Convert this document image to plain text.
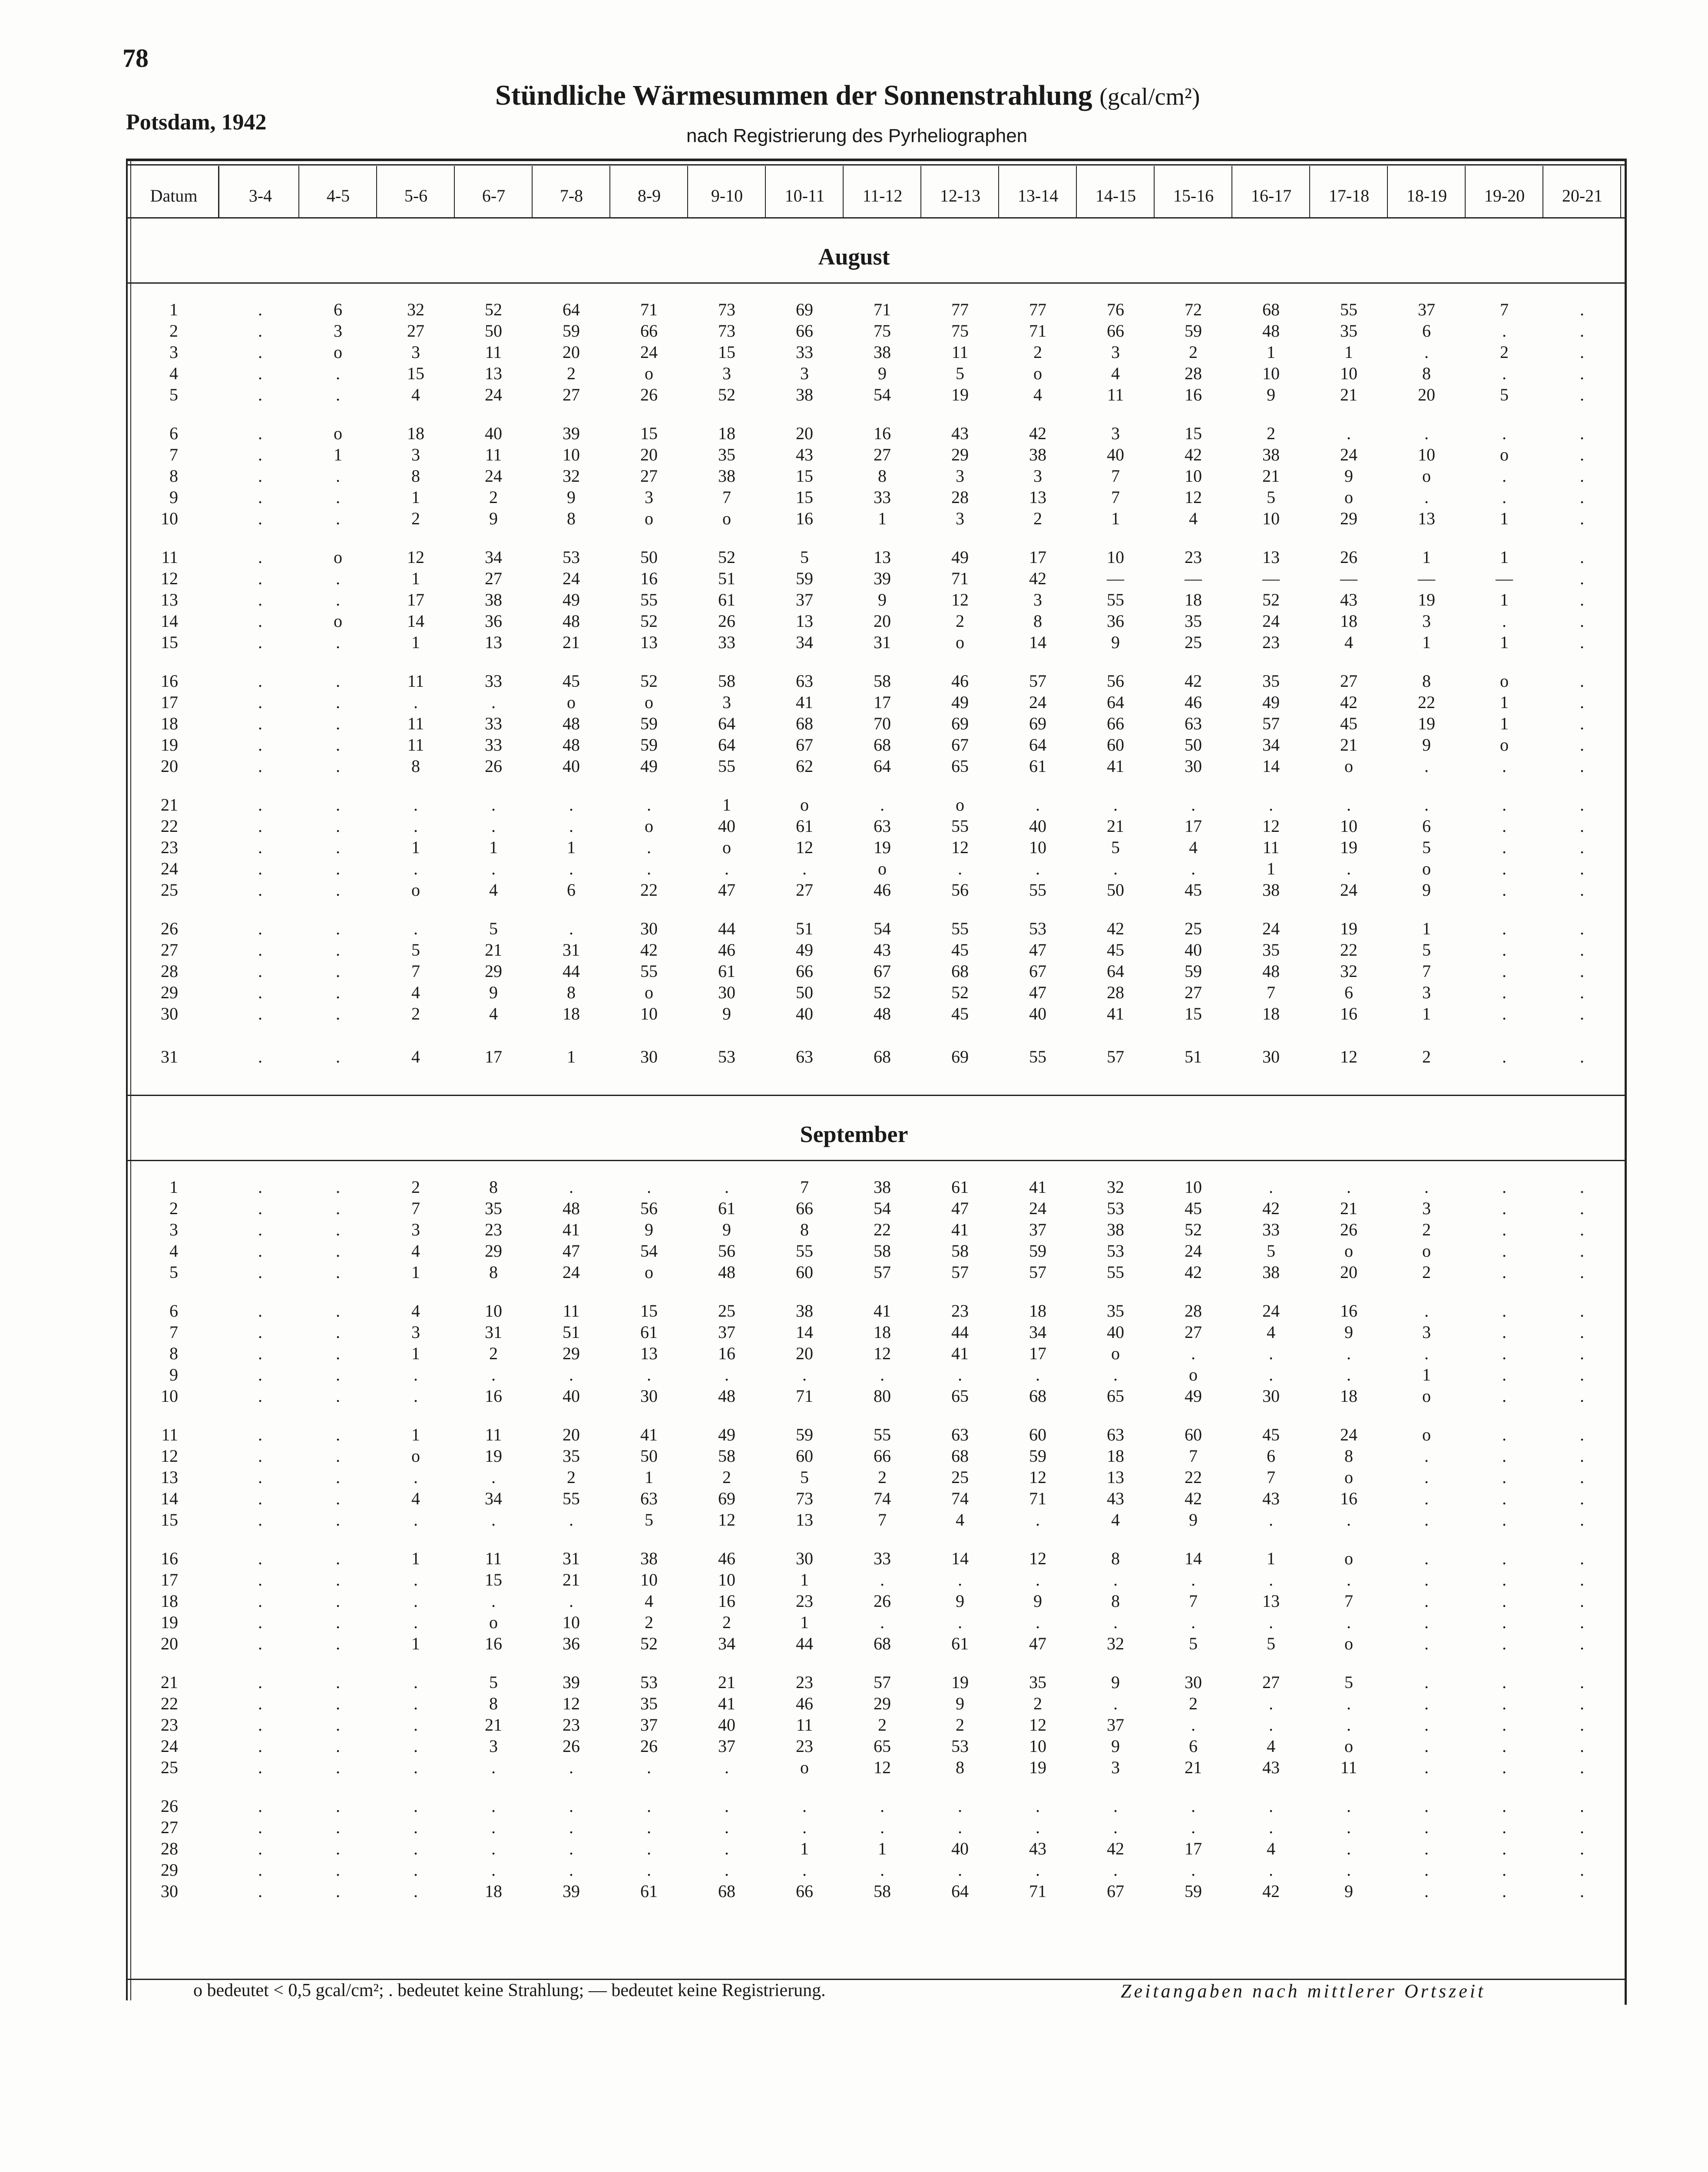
78
Potsdam, 1942
Stündliche Wärmesummen der Sonnenstrahlung (gcal/cm²)
nach Registrierung des Pyrheliographen
Datum	3-4	4-5	5-6	6-7	7-8	8-9	9-10	10-11	11-12	12-13	13-14	14-15	15-16	16-17	17-18	18-19	19-20	20-21
August
1	.	6	32	52	64	71	73	69	71	77	77	76	72	68	55	37	7	.
2	.	3	27	50	59	66	73	66	75	75	71	66	59	48	35	6	.	.
3	.	o	3	11	20	24	15	33	38	11	2	3	2	1	1	.	2	.
4	.	.	15	13	2	o	3	3	9	5	o	4	28	10	10	8	.	.
5	.	.	4	24	27	26	52	38	54	19	4	11	16	9	21	20	5	.
6	.	o	18	40	39	15	18	20	16	43	42	3	15	2	.	.	.	.
7	.	1	3	11	10	20	35	43	27	29	38	40	42	38	24	10	o	.
8	.	.	8	24	32	27	38	15	8	3	3	7	10	21	9	o	.	.
9	.	.	1	2	9	3	7	15	33	28	13	7	12	5	o	.	.	.
10	.	.	2	9	8	o	o	16	1	3	2	1	4	10	29	13	1	.
11	.	o	12	34	53	50	52	5	13	49	17	10	23	13	26	1	1	.
12	.	.	1	27	24	16	51	59	39	71	42	—	—	—	—	—	—	.
13	.	.	17	38	49	55	61	37	9	12	3	55	18	52	43	19	1	.
14	.	o	14	36	48	52	26	13	20	2	8	36	35	24	18	3	.	.
15	.	.	1	13	21	13	33	34	31	o	14	9	25	23	4	1	1	.
16	.	.	11	33	45	52	58	63	58	46	57	56	42	35	27	8	o	.
17	.	.	.	.	o	o	3	41	17	49	24	64	46	49	42	22	1	.
18	.	.	11	33	48	59	64	68	70	69	69	66	63	57	45	19	1	.
19	.	.	11	33	48	59	64	67	68	67	64	60	50	34	21	9	o	.
20	.	.	8	26	40	49	55	62	64	65	61	41	30	14	o	.	.	.
21	.	.	.	.	.	.	1	o	.	o	.	.	.	.	.	.	.	.
22	.	.	.	.	.	o	40	61	63	55	40	21	17	12	10	6	.	.
23	.	.	1	1	1	.	o	12	19	12	10	5	4	11	19	5	.	.
24	.	.	.	.	.	.	.	.	o	.	.	.	.	1	.	o	.	.
25	.	.	o	4	6	22	47	27	46	56	55	50	45	38	24	9	.	.
26	.	.	.	5	.	30	44	51	54	55	53	42	25	24	19	1	.	.
27	.	.	5	21	31	42	46	49	43	45	47	45	40	35	22	5	.	.
28	.	.	7	29	44	55	61	66	67	68	67	64	59	48	32	7	.	.
29	.	.	4	9	8	o	30	50	52	52	47	28	27	7	6	3	.	.
30	.	.	2	4	18	10	9	40	48	45	40	41	15	18	16	1	.	.
31	.	.	4	17	1	30	53	63	68	69	55	57	51	30	12	2	.	.
September
1	.	.	2	8	.	.	.	7	38	61	41	32	10	.	.	.	.	.
2	.	.	7	35	48	56	61	66	54	47	24	53	45	42	21	3	.	.
3	.	.	3	23	41	9	9	8	22	41	37	38	52	33	26	2	.	.
4	.	.	4	29	47	54	56	55	58	58	59	53	24	5	o	o	.	.
5	.	.	1	8	24	o	48	60	57	57	57	55	42	38	20	2	.	.
6	.	.	4	10	11	15	25	38	41	23	18	35	28	24	16	.	.	.
7	.	.	3	31	51	61	37	14	18	44	34	40	27	4	9	3	.	.
8	.	.	1	2	29	13	16	20	12	41	17	o	.	.	.	.	.	.
9	.	.	.	.	.	.	.	.	.	.	.	.	o	.	.	1	.	.
10	.	.	.	16	40	30	48	71	80	65	68	65	49	30	18	o	.	.
11	.	.	1	11	20	41	49	59	55	63	60	63	60	45	24	o	.	.
12	.	.	o	19	35	50	58	60	66	68	59	18	7	6	8	.	.	.
13	.	.	.	.	2	1	2	5	2	25	12	13	22	7	o	.	.	.
14	.	.	4	34	55	63	69	73	74	74	71	43	42	43	16	.	.	.
15	.	.	.	.	.	5	12	13	7	4	.	4	9	.	.	.	.	.
16	.	.	1	11	31	38	46	30	33	14	12	8	14	1	o	.	.	.
17	.	.	.	15	21	10	10	1	.	.	.	.	.	.	.	.	.	.
18	.	.	.	.	.	4	16	23	26	9	9	8	7	13	7	.	.	.
19	.	.	.	o	10	2	2	1	.	.	.	.	.	.	.	.	.	.
20	.	.	1	16	36	52	34	44	68	61	47	32	5	5	o	.	.	.
21	.	.	.	5	39	53	21	23	57	19	35	9	30	27	5	.	.	.
22	.	.	.	8	12	35	41	46	29	9	2	.	2	.	.	.	.	.
23	.	.	.	21	23	37	40	11	2	2	12	37	.	.	.	.	.	.
24	.	.	.	3	26	26	37	23	65	53	10	9	6	4	o	.	.	.
25	.	.	.	.	.	.	.	o	12	8	19	3	21	43	11	.	.	.
26	.	.	.	.	.	.	.	.	.	.	.	.	.	.	.	.	.	.
27	.	.	.	.	.	.	.	.	.	.	.	.	.	.	.	.	.	.
28	.	.	.	.	.	.	.	1	1	40	43	42	17	4	.	.	.	.
29	.	.	.	.	.	.	.	.	.	.	.	.	.	.	.	.	.	.
30	.	.	.	18	39	61	68	66	58	64	71	67	59	42	9	.	.	.
o bedeutet < 0,5 gcal/cm²; . bedeutet keine Strahlung; — bedeutet keine Registrierung.	Zeitangaben nach mittlerer Ortszeit
